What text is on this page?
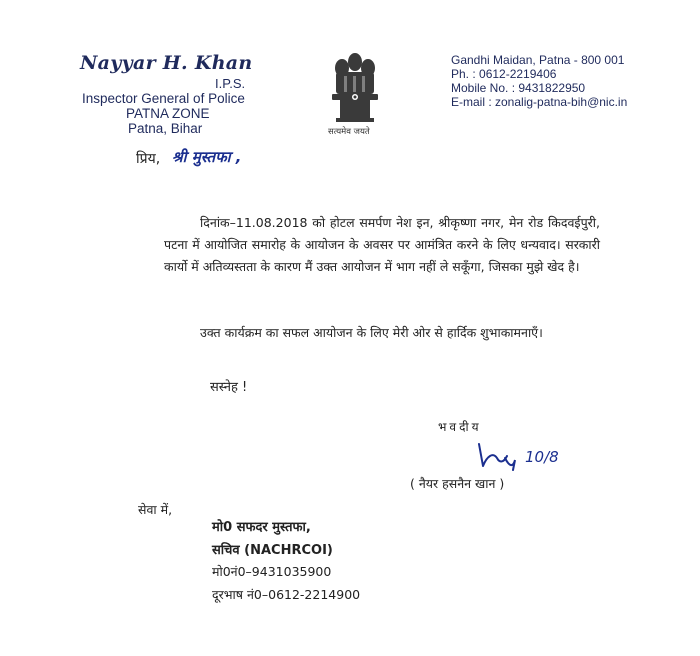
Nayyar H. Khan
I.P.S.
Inspector General of Police
PATNA ZONE
Patna, Bihar	सत्यमेव जयते
Gandhi Maidan, Patna - 800 001
Ph. : 0612-2219406
Mobile No. : 9431822950
E-mail : zonalig-patna-bih@nic.in
प्रिय, श्री मुस्तफा ,
दिनांक–11.08.2018 को होटल समर्पण नेश इन, श्रीकृष्णा नगर, मेन रोड किदवईपुरी, पटना में आयोजित समारोह के आयोजन के अवसर पर आमंत्रित करने के लिए धन्यवाद। सरकारी कार्यो में अतिव्यस्तता के कारण मैं उक्त आयोजन में भाग नहीं ले सकूँगा, जिसका मुझे खेद है।
उक्त कार्यक्रम का सफल आयोजन के लिए मेरी ओर से हार्दिक शुभाकामनाएँ।
सस्नेह !
भवदीय
10/8
( नैयर हसनैन खान )
सेवा में,
मो0 सफदर मुस्तफा,
सचिव (NACHRCOI)
मो0नं0–9431035900
दूरभाष नं0–0612-2214900
